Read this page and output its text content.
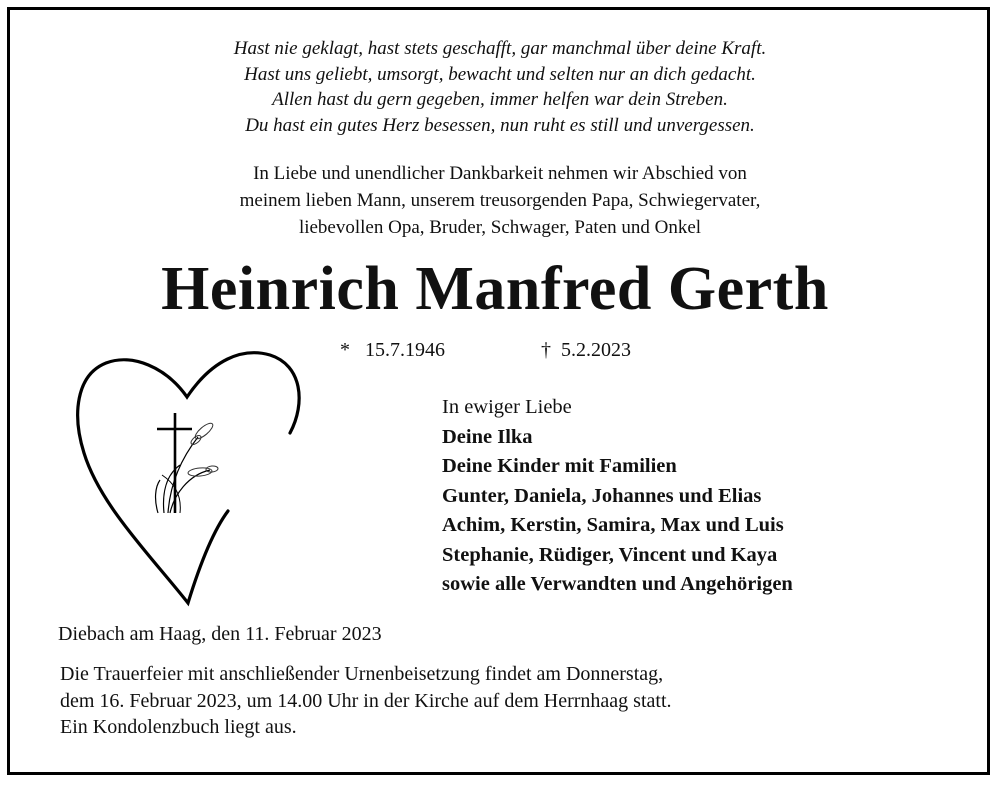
Hast nie geklagt, hast stets geschafft, gar manchmal über deine Kraft.
Hast uns geliebt, umsorgt, bewacht und selten nur an dich gedacht.
Allen hast du gern gegeben, immer helfen war dein Streben.
Du hast ein gutes Herz besessen, nun ruht es still und unvergessen.
In Liebe und unendlicher Dankbarkeit nehmen wir Abschied von
meinem lieben Mann, unserem treusorgenden Papa, Schwiegervater,
liebevollen Opa, Bruder, Schwager, Paten und Onkel
Heinrich Manfred Gerth
* 15.7.1946	† 5.2.2023
In ewiger Liebe
Deine Ilka
Deine Kinder mit Familien
Gunter, Daniela, Johannes und Elias
Achim, Kerstin, Samira, Max und Luis
Stephanie, Rüdiger, Vincent und Kaya
sowie alle Verwandten und Angehörigen
Diebach am Haag, den 11. Februar 2023
Die Trauerfeier mit anschließender Urnenbeisetzung findet am Donnerstag,
dem 16. Februar 2023, um 14.00 Uhr in der Kirche auf dem Herrnhaag statt.
Ein Kondolenzbuch liegt aus.
